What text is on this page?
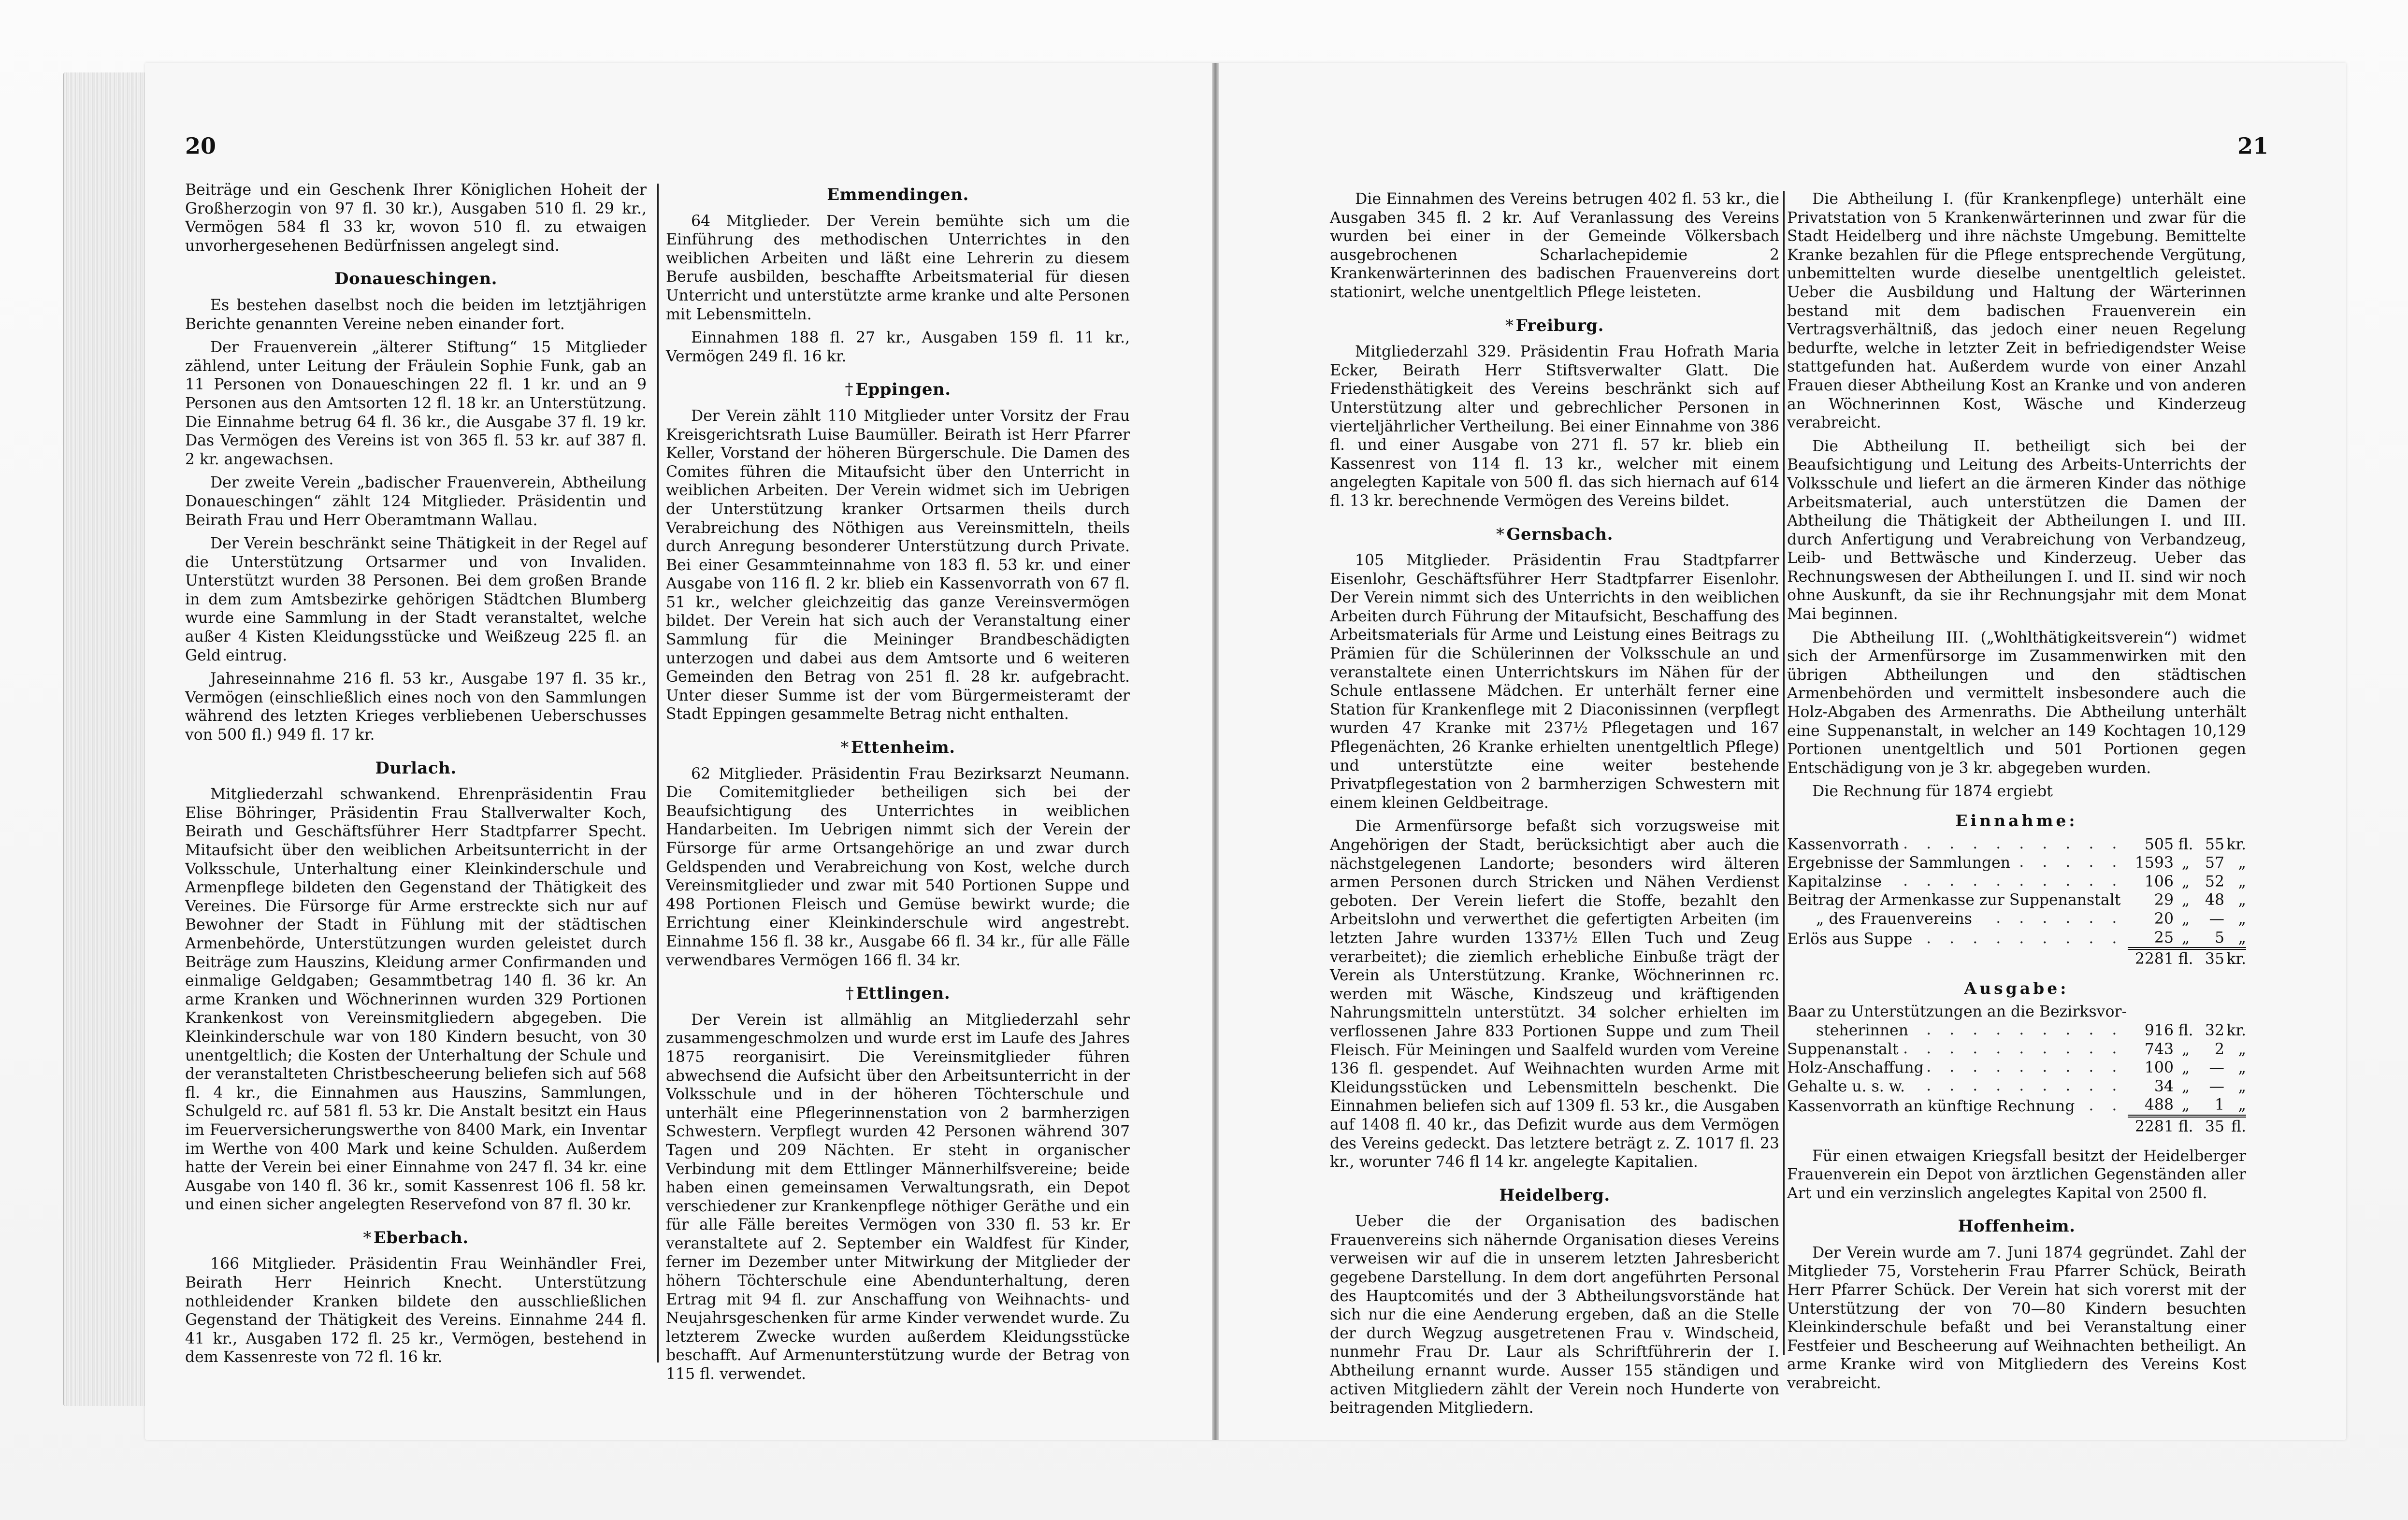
20	21

Beiträge und ein Geschenk Ihrer Königlichen Hoheit der Großherzogin von 97 fl. 30 kr.), Ausgaben 510 fl. 29 kr., Vermögen 584 fl 33 kr, wovon 510 fl. zu etwaigen unvorhergesehenen Bedürfnissen angelegt sind.

Donaueschingen.

Es bestehen daselbst noch die beiden im letztjährigen Berichte genannten Vereine neben einander fort.

Der Frauenverein „älterer Stiftung“ 15 Mitglieder zählend, unter Leitung der Fräulein Sophie Funk, gab an 11 Personen von Donaueschingen 22 fl. 1 kr. und an 9 Personen aus den Amtsorten 12 fl. 18 kr. an Unterstützung. Die Einnahme betrug 64 fl. 36 kr., die Ausgabe 37 fl. 19 kr. Das Vermögen des Vereins ist von 365 fl. 53 kr. auf 387 fl. 2 kr. angewachsen.

Der zweite Verein „badischer Frauenverein, Abtheilung Donaueschingen“ zählt 124 Mitglieder. Präsidentin und Beirath Frau und Herr Oberamtmann Wallau.

Der Verein beschränkt seine Thätigkeit in der Regel auf die Unterstützung Ortsarmer und von Invaliden. Unterstützt wurden 38 Personen. Bei dem großen Brande in dem zum Amtsbezirke gehörigen Städtchen Blumberg wurde eine Sammlung in der Stadt veranstaltet, welche außer 4 Kisten Kleidungsstücke und Weißzeug 225 fl. an Geld eintrug.

Jahreseinnahme 216 fl. 53 kr., Ausgabe 197 fl. 35 kr., Vermögen (einschließlich eines noch von den Sammlungen während des letzten Krieges verbliebenen Ueberschusses von 500 fl.) 949 fl. 17 kr.

Durlach.

Mitgliederzahl schwankend. Ehrenpräsidentin Frau Elise Böhringer, Präsidentin Frau Stallverwalter Koch, Beirath und Geschäftsführer Herr Stadtpfarrer Specht. Mitaufsicht über den weiblichen Arbeitsunterricht in der Volksschule, Unterhaltung einer Kleinkinderschule und Armenpflege bildeten den Gegenstand der Thätigkeit des Vereines. Die Fürsorge für Arme erstreckte sich nur auf Bewohner der Stadt in Fühlung mit der städtischen Armenbehörde, Unterstützungen wurden geleistet durch Beiträge zum Hauszins, Kleidung armer Confirmanden und einmalige Geldgaben; Gesammtbetrag 140 fl. 36 kr. An arme Kranken und Wöchnerinnen wurden 329 Portionen Krankenkost von Vereinsmitgliedern abgegeben. Die Kleinkinderschule war von 180 Kindern besucht, von 30 unentgeltlich; die Kosten der Unterhaltung der Schule und der veranstalteten Christbescheerung beliefen sich auf 568 fl. 4 kr., die Einnahmen aus Hauszins, Sammlungen, Schulgeld rc. auf 581 fl. 53 kr. Die Anstalt besitzt ein Haus im Feuerversicherungswerthe von 8400 Mark, ein Inventar im Werthe von 400 Mark und keine Schulden. Außerdem hatte der Verein bei einer Einnahme von 247 fl. 34 kr. eine Ausgabe von 140 fl. 36 kr., somit Kassenrest 106 fl. 58 kr. und einen sicher angelegten Reservefond von 87 fl. 30 kr.

* Eberbach.

166 Mitglieder. Präsidentin Frau Weinhändler Frei, Beirath Herr Heinrich Knecht. Unterstützung nothleidender Kranken bildete den ausschließlichen Gegenstand der Thätigkeit des Vereins. Einnahme 244 fl. 41 kr., Ausgaben 172 fl. 25 kr., Vermögen, bestehend in dem Kassenreste von 72 fl. 16 kr.

Emmendingen.

64 Mitglieder. Der Verein bemühte sich um die Einführung des methodischen Unterrichtes in den weiblichen Arbeiten und läßt eine Lehrerin zu diesem Berufe ausbilden, beschaffte Arbeitsmaterial für diesen Unterricht und unterstützte arme kranke und alte Personen mit Lebensmitteln.

Einnahmen 188 fl. 27 kr., Ausgaben 159 fl. 11 kr., Vermögen 249 fl. 16 kr.

† Eppingen.

Der Verein zählt 110 Mitglieder unter Vorsitz der Frau Kreisgerichtsrath Luise Baumüller. Beirath ist Herr Pfarrer Keller, Vorstand der höheren Bürgerschule. Die Damen des Comites führen die Mitaufsicht über den Unterricht in weiblichen Arbeiten. Der Verein widmet sich im Uebrigen der Unterstützung kranker Ortsarmen theils durch Verabreichung des Nöthigen aus Vereinsmitteln, theils durch Anregung besonderer Unterstützung durch Private. Bei einer Gesammteinnahme von 183 fl. 53 kr. und einer Ausgabe von 116 fl. 2 kr. blieb ein Kassenvorrath von 67 fl. 51 kr., welcher gleichzeitig das ganze Vereinsvermögen bildet. Der Verein hat sich auch der Veranstaltung einer Sammlung für die Meininger Brandbeschädigten unterzogen und dabei aus dem Amtsorte und 6 weiteren Gemeinden den Betrag von 251 fl. 28 kr. aufgebracht. Unter dieser Summe ist der vom Bürgermeisteramt der Stadt Eppingen gesammelte Betrag nicht enthalten.

* Ettenheim.

62 Mitglieder. Präsidentin Frau Bezirksarzt Neumann. Die Comitemitglieder betheiligen sich bei der Beaufsichtigung des Unterrichtes in weiblichen Handarbeiten. Im Uebrigen nimmt sich der Verein der Fürsorge für arme Ortsangehörige an und zwar durch Geldspenden und Verabreichung von Kost, welche durch Vereinsmitglieder und zwar mit 540 Portionen Suppe und 498 Portionen Fleisch und Gemüse bewirkt wurde; die Errichtung einer Kleinkinderschule wird angestrebt. Einnahme 156 fl. 38 kr., Ausgabe 66 fl. 34 kr., für alle Fälle verwendbares Vermögen 166 fl. 34 kr.

† Ettlingen.

Der Verein ist allmählig an Mitgliederzahl sehr zusammengeschmolzen und wurde erst im Laufe des Jahres 1875 reorganisirt. Die Vereinsmitglieder führen abwechsend die Aufsicht über den Arbeitsunterricht in der Volksschule und in der höheren Töchterschule und unterhält eine Pflegerinnenstation von 2 barmherzigen Schwestern. Verpflegt wurden 42 Personen während 307 Tagen und 209 Nächten. Er steht in organischer Verbindung mit dem Ettlinger Männerhilfsvereine; beide haben einen gemeinsamen Verwaltungsrath, ein Depot verschiedener zur Krankenpflege nöthiger Geräthe und ein für alle Fälle bereites Vermögen von 330 fl. 53 kr. Er veranstaltete auf 2. September ein Waldfest für Kinder, ferner im Dezember unter Mitwirkung der Mitglieder der höhern Töchterschule eine Abendunterhaltung, deren Ertrag mit 94 fl. zur Anschaffung von Weihnachts- und Neujahrsgeschenken für arme Kinder verwendet wurde. Zu letzterem Zwecke wurden außerdem Kleidungsstücke beschafft. Auf Armenunterstützung wurde der Betrag von 115 fl. verwendet.

Die Einnahmen des Vereins betrugen 402 fl. 53 kr., die Ausgaben 345 fl. 2 kr. Auf Veranlassung des Vereins wurden bei einer in der Gemeinde Völkersbach ausgebrochenen Scharlachepidemie 2 Krankenwärterinnen des badischen Frauenvereins dort stationirt, welche unentgeltlich Pflege leisteten.

* Freiburg.

Mitgliederzahl 329. Präsidentin Frau Hofrath Maria Ecker, Beirath Herr Stiftsverwalter Glatt. Die Friedensthätigkeit des Vereins beschränkt sich auf Unterstützung alter und gebrechlicher Personen in vierteljährlicher Vertheilung. Bei einer Einnahme von 386 fl. und einer Ausgabe von 271 fl. 57 kr. blieb ein Kassenrest von 114 fl. 13 kr., welcher mit einem angelegten Kapitale von 500 fl. das sich hiernach auf 614 fl. 13 kr. berechnende Vermögen des Vereins bildet.

* Gernsbach.

105 Mitglieder. Präsidentin Frau Stadtpfarrer Eisenlohr, Geschäftsführer Herr Stadtpfarrer Eisenlohr. Der Verein nimmt sich des Unterrichts in den weiblichen Arbeiten durch Führung der Mitaufsicht, Beschaffung des Arbeitsmaterials für Arme und Leistung eines Beitrags zu Prämien für die Schülerinnen der Volksschule an und veranstaltete einen Unterrichtskurs im Nähen für der Schule entlassene Mädchen. Er unterhält ferner eine Station für Krankenflege mit 2 Diaconissinnen (verpflegt wurden 47 Kranke mit 237½ Pflegetagen und 167 Pflegenächten, 26 Kranke erhielten unentgeltlich Pflege) und unterstützte eine weiter bestehende Privatpflegestation von 2 barmherzigen Schwestern mit einem kleinen Geldbeitrage.

Die Armenfürsorge befaßt sich vorzugsweise mit Angehörigen der Stadt, berücksichtigt aber auch die nächstgelegenen Landorte; besonders wird älteren armen Personen durch Stricken und Nähen Verdienst geboten. Der Verein liefert die Stoffe, bezahlt den Arbeitslohn und verwerthet die gefertigten Arbeiten (im letzten Jahre wurden 1337½ Ellen Tuch und Zeug verarbeitet); die ziemlich erhebliche Einbuße trägt der Verein als Unterstützung. Kranke, Wöchnerinnen rc. werden mit Wäsche, Kindszeug und kräftigenden Nahrungsmitteln unterstützt. 34 solcher erhielten im verflossenen Jahre 833 Portionen Suppe und zum Theil Fleisch. Für Meiningen und Saalfeld wurden vom Vereine 136 fl. gespendet. Auf Weihnachten wurden Arme mit Kleidungsstücken und Lebensmitteln beschenkt. Die Einnahmen beliefen sich auf 1309 fl. 53 kr., die Ausgaben auf 1408 fl. 40 kr., das Defizit wurde aus dem Vermögen des Vereins gedeckt. Das letztere beträgt z. Z. 1017 fl. 23 kr., worunter 746 fl 14 kr. angelegte Kapitalien.

Heidelberg.

Ueber die der Organisation des badischen Frauenvereins sich nähernde Organisation dieses Vereins verweisen wir auf die in unserem letzten Jahresbericht gegebene Darstellung. In dem dort angeführten Personal des Hauptcomités und der 3 Abtheilungsvorstände hat sich nur die eine Aenderung ergeben, daß an die Stelle der durch Wegzug ausgetretenen Frau v. Windscheid, nunmehr Frau Dr. Laur als Schriftführerin der I. Abtheilung ernannt wurde. Ausser 155 ständigen und activen Mitgliedern zählt der Verein noch Hunderte von beitragenden Mitgliedern.

Die Abtheilung I. (für Krankenpflege) unterhält eine Privatstation von 5 Krankenwärterinnen und zwar für die Stadt Heidelberg und ihre nächste Umgebung. Bemittelte Kranke bezahlen für die Pflege entsprechende Vergütung, unbemittelten wurde dieselbe unentgeltlich geleistet. Ueber die Ausbildung und Haltung der Wärterinnen bestand mit dem badischen Frauenverein ein Vertragsverhältniß, das jedoch einer neuen Regelung bedurfte, welche in letzter Zeit in befriedigendster Weise stattgefunden hat. Außerdem wurde von einer Anzahl Frauen dieser Abtheilung Kost an Kranke und von anderen an Wöchnerinnen Kost, Wäsche und Kinderzeug verabreicht.

Die Abtheilung II. betheiligt sich bei der Beaufsichtigung und Leitung des Arbeits-Unterrichts der Volksschule und liefert an die ärmeren Kinder das nöthige Arbeitsmaterial, auch unterstützen die Damen der Abtheilung die Thätigkeit der Abtheilungen I. und III. durch Anfertigung und Verabreichung von Verbandzeug, Leib- und Bettwäsche und Kinderzeug. Ueber das Rechnungswesen der Abtheilungen I. und II. sind wir noch ohne Auskunft, da sie ihr Rechnungsjahr mit dem Monat Mai beginnen.

Die Abtheilung III. („Wohlthätigkeitsverein“) widmet sich der Armenfürsorge im Zusammenwirken mit den übrigen Abtheilungen und den städtischen Armenbehörden und vermittelt insbesondere auch die Holz-Abgaben des Armenraths. Die Abtheilung unterhält eine Suppenanstalt, in welcher an 149 Kochtagen 10,129 Portionen unentgeltlich und 501 Portionen gegen Entschädigung von je 3 kr. abgegeben wurden.

Die Rechnung für 1874 ergiebt

Einnahme:
Kassenvorrath . . .	505	fl.	55	kr.
Ergebnisse der Sammlungen . . .	1593	„	57	„
Kapitalzinse . . .	106	„	52	„
Beitrag der Armenkasse zur Suppenanstalt . . .	29	„	48	„
„ des Frauenvereins . . .	20	„	—	„
Erlös aus Suppe . . .	25	„	5	„
	2281	fl.	35	kr.
Ausgabe:
Baar zu Unterstützungen an die Bezirksvor-				
steherinnen . . .	916	fl.	32	kr.
Suppenanstalt . . .	743	„	2	„
Holz-Anschaffung . . .	100	„	—	„
Gehalte u. s. w. . . .	34	„	—	„
Kassenvorrath an künftige Rechnung . . .	488	„	1	„
	2281	fl.	35	fl.

Für einen etwaigen Kriegsfall besitzt der Heidelberger Frauenverein ein Depot von ärztlichen Gegenständen aller Art und ein verzinslich angelegtes Kapital von 2500 fl.

Hoffenheim.

Der Verein wurde am 7. Juni 1874 gegründet. Zahl der Mitglieder 75, Vorsteherin Frau Pfarrer Schück, Beirath Herr Pfarrer Schück. Der Verein hat sich vorerst mit der Unterstützung der von 70—80 Kindern besuchten Kleinkinderschule befaßt und bei Veranstaltung einer Festfeier und Bescheerung auf Weihnachten betheiligt. An arme Kranke wird von Mitgliedern des Vereins Kost verabreicht.
